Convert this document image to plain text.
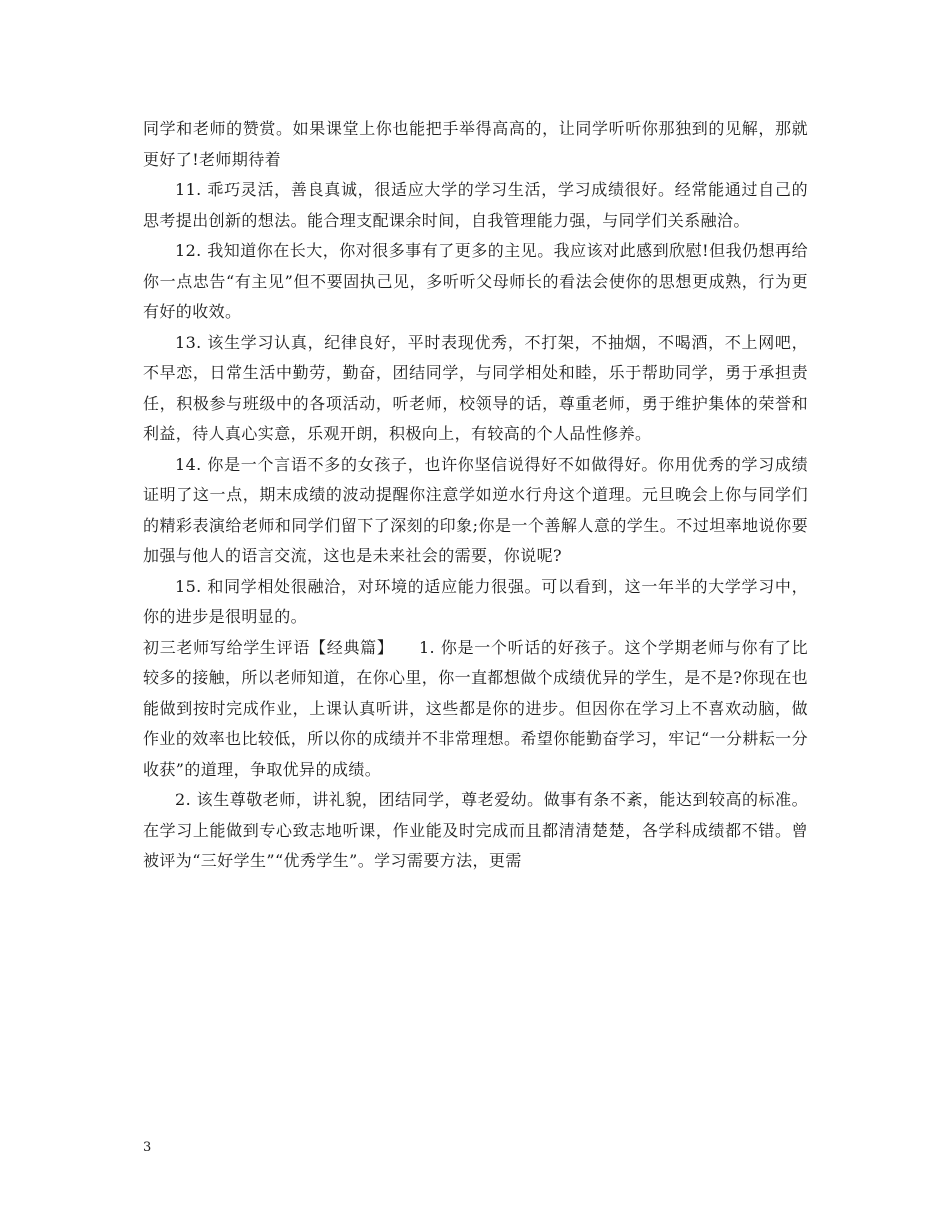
同学和老师的赞赏。如果课堂上你也能把手举得高高的，让同学听听你那独到的见解，那就更好了!老师期待着

11. 乖巧灵活，善良真诚，很适应大学的学习生活，学习成绩很好。经常能通过自己的思考提出创新的想法。能合理支配课余时间，自我管理能力强，与同学们关系融洽。

12. 我知道你在长大，你对很多事有了更多的主见。我应该对此感到欣慰!但我仍想再给你一点忠告“有主见”但不要固执己见，多听听父母师长的看法会使你的思想更成熟，行为更有好的收效。

13. 该生学习认真，纪律良好，平时表现优秀，不打架，不抽烟，不喝酒，不上网吧，不早恋，日常生活中勤劳，勤奋，团结同学，与同学相处和睦，乐于帮助同学，勇于承担责任，积极参与班级中的各项活动，听老师，校领导的话，尊重老师，勇于维护集体的荣誉和利益，待人真心实意，乐观开朗，积极向上，有较高的个人品性修养。

14. 你是一个言语不多的女孩子，也许你坚信说得好不如做得好。你用优秀的学习成绩证明了这一点，期末成绩的波动提醒你注意学如逆水行舟这个道理。元旦晚会上你与同学们的精彩表演给老师和同学们留下了深刻的印象;你是一个善解人意的学生。不过坦率地说你要加强与他人的语言交流，这也是未来社会的需要，你说呢?

15. 和同学相处很融洽，对环境的适应能力很强。可以看到，这一年半的大学学习中，你的进步是很明显的。

初三老师写给学生评语【经典篇】　　1. 你是一个听话的好孩子。这个学期老师与你有了比较多的接触，所以老师知道，在你心里，你一直都想做个成绩优异的学生，是不是?你现在也能做到按时完成作业，上课认真听讲，这些都是你的进步。但因你在学习上不喜欢动脑，做作业的效率也比较低，所以你的成绩并不非常理想。希望你能勤奋学习，牢记“一分耕耘一分收获”的道理，争取优异的成绩。

2. 该生尊敬老师，讲礼貌，团结同学，尊老爱幼。做事有条不紊，能达到较高的标准。在学习上能做到专心致志地听课，作业能及时完成而且都清清楚楚，各学科成绩都不错。曾被评为“三好学生”“优秀学生”。学习需要方法，更需

3
